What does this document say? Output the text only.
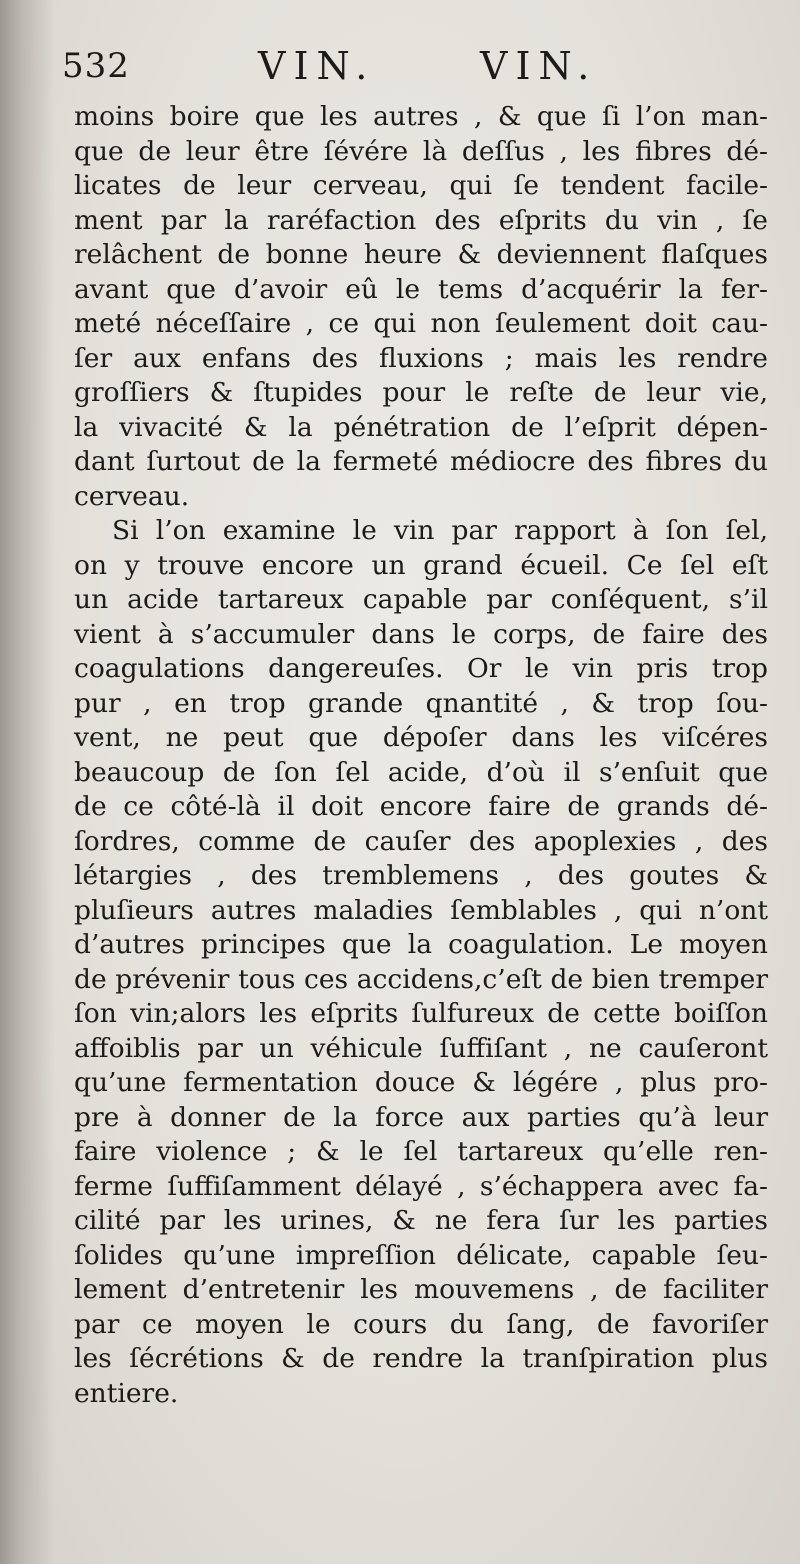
532	VIN.	VIN.
moins boire que les autres , & que ſi l’on man-
que de leur être ſévére là deſſus , les fibres dé-
licates de leur cerveau, qui ſe tendent facile-
ment par la raréfaction des eſprits du vin , ſe
relâchent de bonne heure & deviennent flaſques
avant que d’avoir eû le tems d’acquérir la fer-
meté néceſſaire , ce qui non ſeulement doit cau-
ſer aux enfans des fluxions ; mais les rendre
groſſiers & ſtupides pour le reſte de leur vie,
la vivacité & la pénétration de l’eſprit dépen-
dant ſurtout de la fermeté médiocre des fibres du
cerveau.
Si l’on examine le vin par rapport à ſon ſel,
on y trouve encore un grand écueil. Ce ſel eſt
un acide tartareux capable par conſéquent, s’il
vient à s’accumuler dans le corps, de faire des
coagulations dangereuſes. Or le vin pris trop
pur , en trop grande qnantité , & trop ſou-
vent, ne peut que dépoſer dans les viſcéres
beaucoup de ſon ſel acide, d’où il s’enſuit que
de ce côté-là il doit encore faire de grands dé-
ſordres, comme de cauſer des apoplexies , des
létargies , des tremblemens , des goutes &
pluſieurs autres maladies ſemblables , qui n’ont
d’autres principes que la coagulation. Le moyen
de prévenir tous ces accidens,c’eſt de bien tremper
ſon vin;alors les eſprits ſulfureux de cette boiſſon
affoiblis par un véhicule ſuffiſant , ne cauſeront
qu’une fermentation douce & légére , plus pro-
pre à donner de la force aux parties qu’à leur
faire violence ; & le ſel tartareux qu’elle ren-
ferme ſuffiſamment délayé , s’échappera avec fa-
cilité par les urines, & ne fera ſur les parties
ſolides qu’une impreſſion délicate, capable ſeu-
lement d’entretenir les mouvemens , de faciliter
par ce moyen le cours du ſang, de favoriſer
les ſécrétions & de rendre la tranſpiration plus
entiere.
